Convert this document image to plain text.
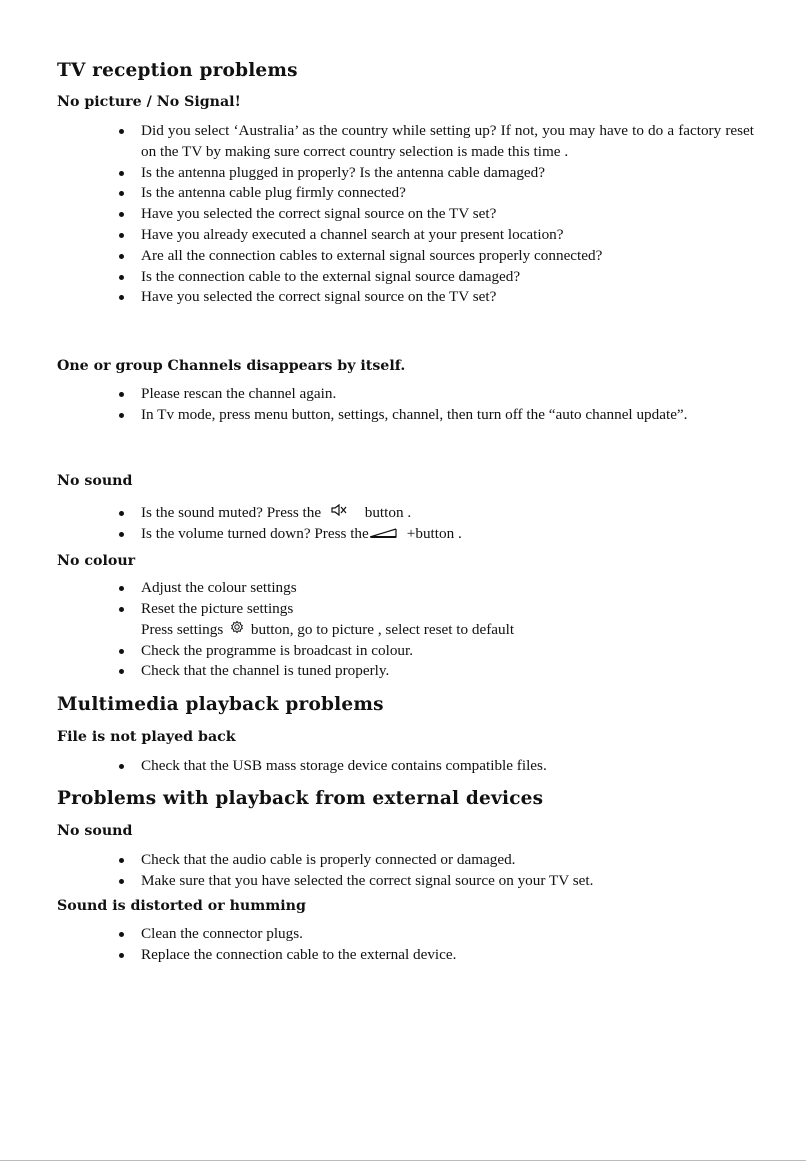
TV reception problems
No picture / No Signal!
Did you select ‘Australia’ as the country while setting up? If not, you may have to do a factory reset on the TV by making sure correct country selection is made this time .
Is the antenna plugged in properly? Is the antenna cable damaged?
Is the antenna cable plug firmly connected?
Have you selected the correct signal source on the TV set?
Have you already executed a channel search at your present location?
Are all the connection cables to external signal sources properly connected?
Is the connection cable to the external signal source damaged?
Have you selected the correct signal source on the TV set?
One or group Channels disappears by itself.
Please rescan the channel again.
In Tv mode, press menu button, settings, channel, then turn off the “auto channel update”.
No sound
Is the sound muted? Press the	button .
Is the volume turned down? Press the	+button .
No colour
Adjust the colour settings
Reset the picture settings
Press settings button, go to picture , select reset to default
Check the programme is broadcast in colour.
Check that the channel is tuned properly.
Multimedia playback problems
File is not played back
Check that the USB mass storage device contains compatible files.
Problems with playback from external devices
No sound
Check that the audio cable is properly connected or damaged.
Make sure that you have selected the correct signal source on your TV set.
Sound is distorted or humming
Clean the connector plugs.
Replace the connection cable to the external device.
